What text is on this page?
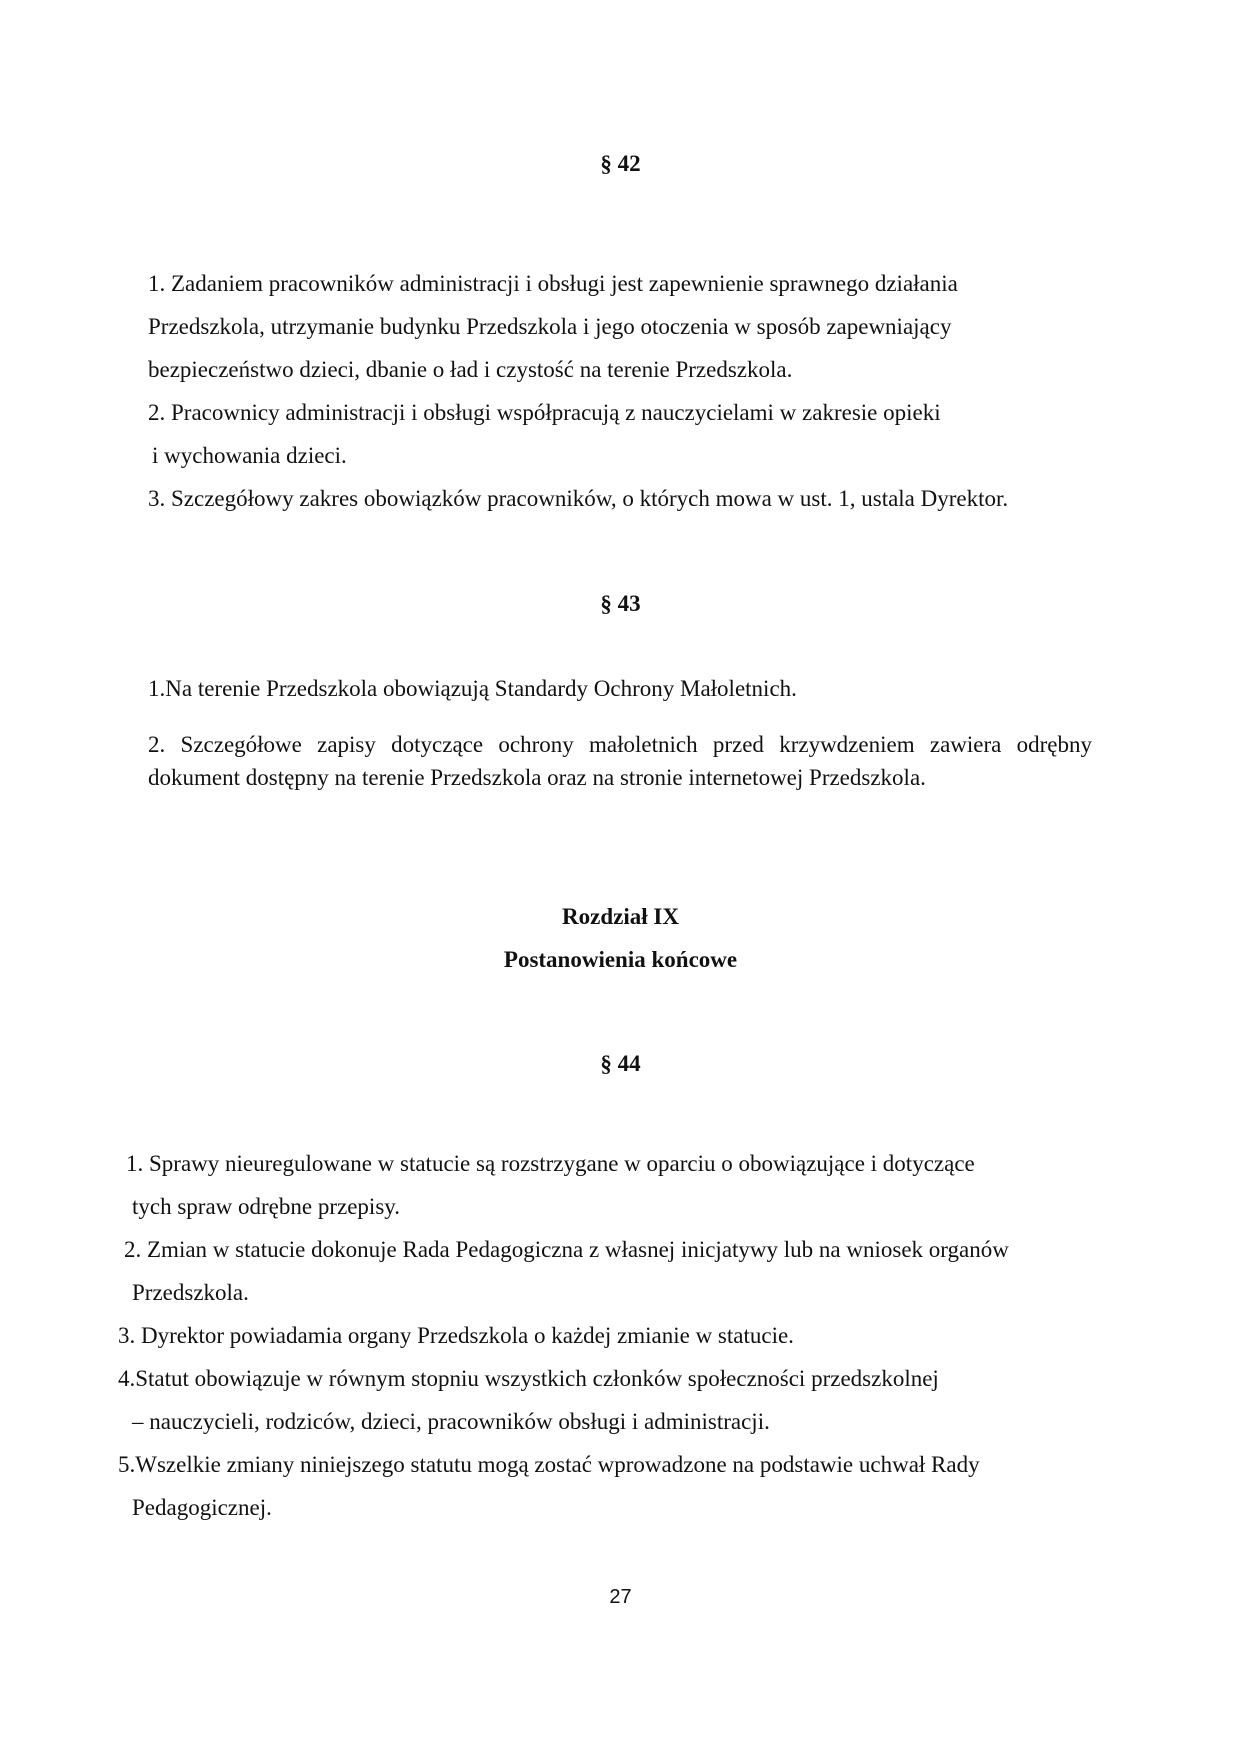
§ 42
1. Zadaniem pracowników administracji i obsługi jest zapewnienie sprawnego działania
Przedszkola, utrzymanie budynku Przedszkola i jego otoczenia w sposób zapewniający
bezpieczeństwo dzieci, dbanie o ład i czystość na terenie Przedszkola.
2. Pracownicy administracji i obsługi współpracują z nauczycielami w zakresie opieki
i wychowania dzieci.
3. Szczegółowy zakres obowiązków pracowników, o których mowa w ust. 1, ustala Dyrektor.
§ 43
1.Na terenie Przedszkola obowiązują Standardy Ochrony Małoletnich.
2. Szczegółowe zapisy dotyczące ochrony małoletnich przed krzywdzeniem zawiera odrębny dokument dostępny na terenie Przedszkola oraz na stronie internetowej Przedszkola.
Rozdział IX
Postanowienia końcowe
§ 44
1. Sprawy nieuregulowane w statucie są rozstrzygane w oparciu o obowiązujące i dotyczące
tych spraw odrębne przepisy.
2. Zmian w statucie dokonuje Rada Pedagogiczna z własnej inicjatywy lub na wniosek organów
Przedszkola.
3. Dyrektor powiadamia organy Przedszkola o każdej zmianie w statucie.
4.Statut obowiązuje w równym stopniu wszystkich członków społeczności przedszkolnej
– nauczycieli, rodziców, dzieci, pracowników obsługi i administracji.
5.Wszelkie zmiany niniejszego statutu mogą zostać wprowadzone na podstawie uchwał Rady
Pedagogicznej.
27
